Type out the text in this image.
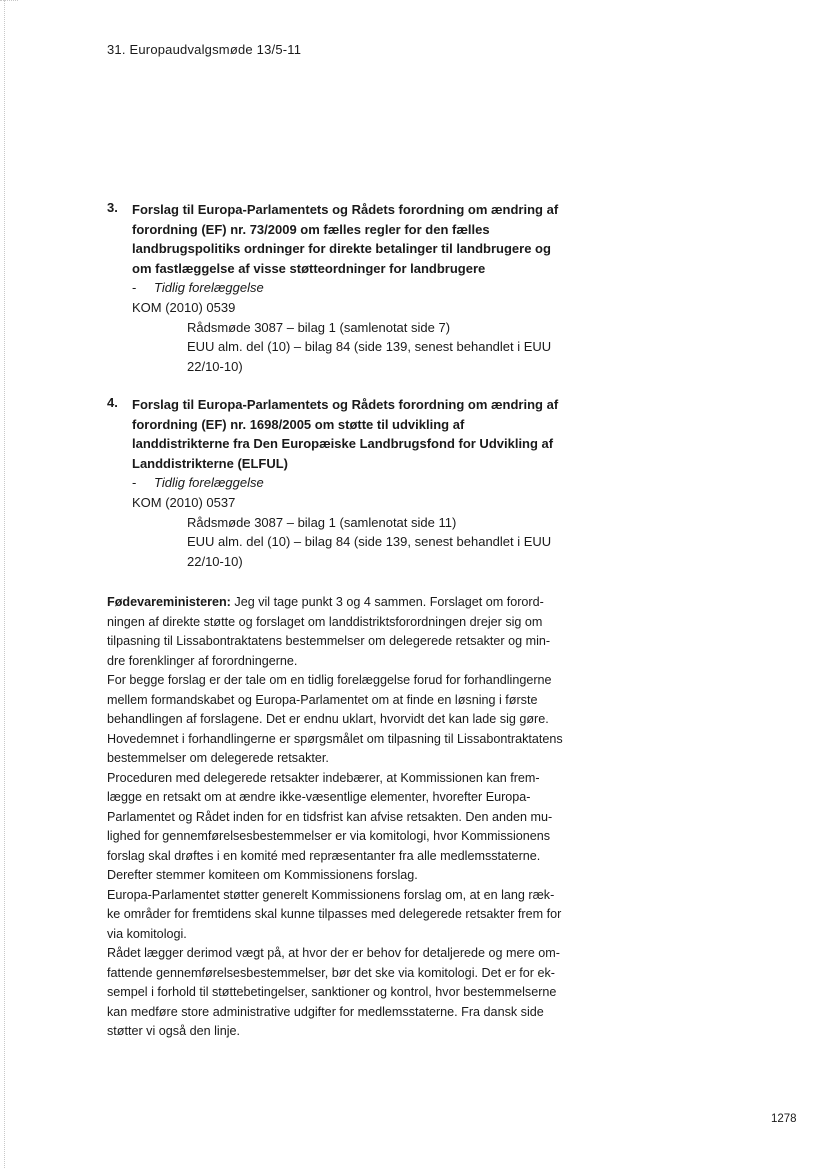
31. Europaudvalgsmøde 13/5-11
3. Forslag til Europa-Parlamentets og Rådets forordning om ændring af
forordning (EF) nr. 73/2009 om fælles regler for den fælles
landbrugspolitiks ordninger for direkte betalinger til landbrugere og
om fastlæggelse af visse støtteordninger for landbrugere
- Tidlig forelæggelse
KOM (2010) 0539
Rådsmøde 3087 – bilag 1 (samlenotat side 7)
EUU alm. del (10) – bilag 84 (side 139, senest behandlet i EUU
22/10-10)
4. Forslag til Europa-Parlamentets og Rådets forordning om ændring af
forordning (EF) nr. 1698/2005 om støtte til udvikling af
landdistrikterne fra Den Europæiske Landbrugsfond for Udvikling af
Landdistrikterne (ELFUL)
- Tidlig forelæggelse
KOM (2010) 0537
Rådsmøde 3087 – bilag 1 (samlenotat side 11)
EUU alm. del (10) – bilag 84 (side 139, senest behandlet i EUU
22/10-10)

Fødevareministeren: Jeg vil tage punkt 3 og 4 sammen. Forslaget om forord-
ningen af direkte støtte og forslaget om landdistriktsforordningen drejer sig om
tilpasning til Lissabontraktatens bestemmelser om delegerede retsakter og min-
dre forenklinger af forordningerne.

For begge forslag er der tale om en tidlig forelæggelse forud for forhandlingerne
mellem formandskabet og Europa-Parlamentet om at finde en løsning i første
behandlingen af forslagene. Det er endnu uklart, hvorvidt det kan lade sig gøre.

Hovedemnet i forhandlingerne er spørgsmålet om tilpasning til Lissabontraktatens
bestemmelser om delegerede retsakter.

Proceduren med delegerede retsakter indebærer, at Kommissionen kan frem-
lægge en retsakt om at ændre ikke-væsentlige elementer, hvorefter Europa-
Parlamentet og Rådet inden for en tidsfrist kan afvise retsakten. Den anden mu-
lighed for gennemførelsesbestemmelser er via komitologi, hvor Kommissionens
forslag skal drøftes i en komité med repræsentanter fra alle medlemsstaterne.
Derefter stemmer komiteen om Kommissionens forslag.

Europa-Parlamentet støtter generelt Kommissionens forslag om, at en lang ræk-
ke områder for fremtidens skal kunne tilpasses med delegerede retsakter frem for
via komitologi.

Rådet lægger derimod vægt på, at hvor der er behov for detaljerede og mere om-
fattende gennemførelsesbestemmelser, bør det ske via komitologi. Det er for ek-
sempel i forhold til støttebetingelser, sanktioner og kontrol, hvor bestemmelserne
kan medføre store administrative udgifter for medlemsstaterne. Fra dansk side
støtter vi også den linje.

1278
